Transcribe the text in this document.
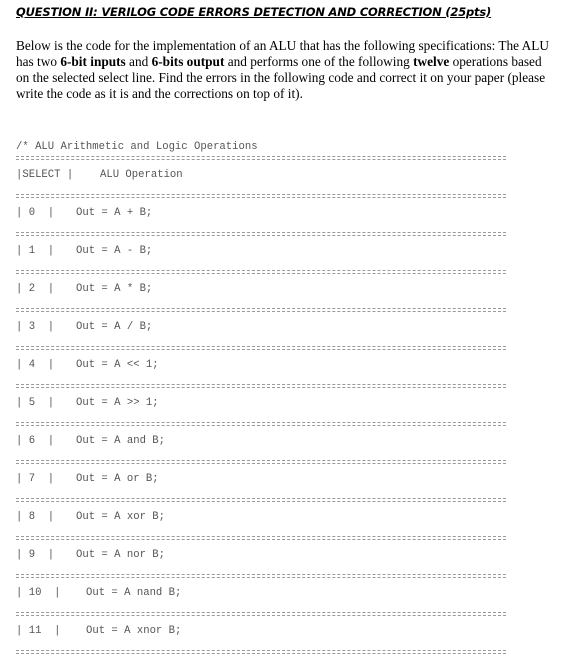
QUESTION II: VERILOG CODE ERRORS DETECTION AND CORRECTION (25pts)
Below is the code for the implementation of an ALU that has the following specifications: The ALU has two 6-bit inputs and 6-bits output and performs one of the following twelve operations based on the selected select line. Find the errors in the following code and correct it on your paper (please write the code as it is and the corrections on top of it).
/* ALU Arithmetic and Logic Operations
|SELECT |	ALU Operation
| 0  | Out = A + B;
| 1  | Out = A - B;
| 2  | Out = A * B;
| 3  | Out = A / B;
| 4  | Out = A << 1;
| 5  | Out = A >> 1;
| 6  | Out = A and B;
| 7  | Out = A or B;
| 8  | Out = A xor B;
| 9  | Out = A nor B;
| 10  | Out = A nand B;
| 11  | Out = A xnor B;
